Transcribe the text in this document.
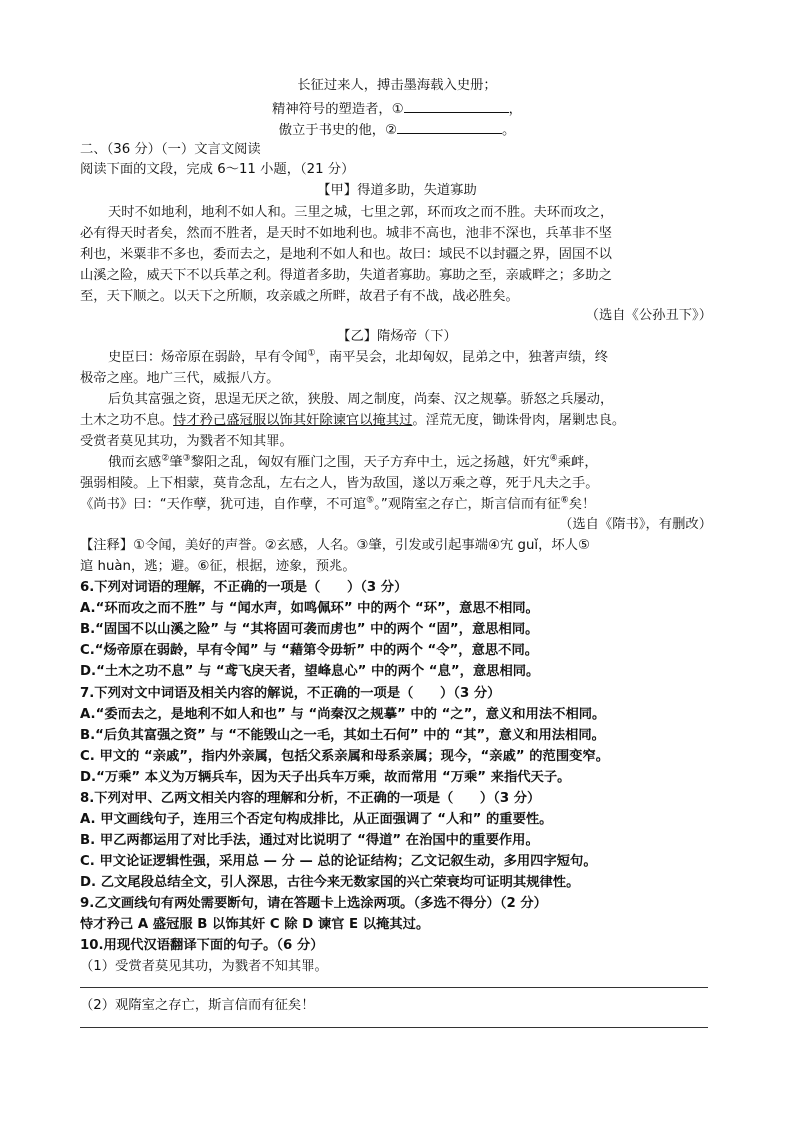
长征过来人，搏击墨海载入史册；
精神符号的塑造者，①	，
傲立于书史的他，②	。
二、（36 分）（一）文言文阅读
阅读下面的文段，完成 6～11 小题，（21 分）
【甲】得道多助，失道寡助
天时不如地利，地利不如人和。三里之城，七里之郭，环而攻之而不胜。夫环而攻之，
必有得天时者矣，然而不胜者，是天时不如地利也。城非不高也，池非不深也，兵革非不坚
利也，米粟非不多也，委而去之，是地利不如人和也。故曰：域民不以封疆之界，固国不以
山溪之险，威天下不以兵革之利。得道者多助，失道者寡助。寡助之至，亲戚畔之；多助之
至，天下顺之。以天下之所顺，攻亲戚之所畔，故君子有不战，战必胜矣。
（选自《公孙丑下》）
【乙】隋炀帝（下）
史臣曰：炀帝原在弱龄，早有令闻①，南平吴会，北却匈奴，昆弟之中，独著声绩，终
极帝之座。地广三代，威振八方。
后负其富强之资，思逞无厌之欲，狭殷、周之制度，尚秦、汉之规摹。骄怒之兵屡动，
土木之功不息。恃才矜己盛冠服以饰其奸除谏官以掩其过。淫荒无度，锄诛骨肉，屠剿忠良。
受赏者莫见其功，为戮者不知其罪。
俄而玄感②肇③黎阳之乱，匈奴有雁门之围，天子方弃中土，远之扬越，奸宄④乘衅，
强弱相陵。上下相蒙，莫肯念乱，左右之人，皆为敌国，遂以万乘之尊，死于凡夫之手。
《尚书》曰：“天作孽，犹可违，自作孽，不可逭⑤。”观隋室之存亡，斯言信而有征⑥矣！
（选自《隋书》，有删改）
【注释】①令闻，美好的声誉。②玄感，人名。③肇，引发或引起事端④宄 guǐ，坏人⑤
逭 huàn，逃；避。⑥征，根据，迹象，预兆。
6.下列对词语的理解，不正确的一项是（　　）（3 分）
A.“环而攻之而不胜” 与 “闻水声，如鸣佩环” 中的两个 “环”，意思不相同。
B.“固国不以山溪之险” 与 “其将固可袭而虏也” 中的两个 “固”，意思相同。
C.“炀帝原在弱龄，早有令闻” 与 “藉第令毋斩” 中的两个 “令”，意思不同。
D.“土木之功不息” 与 “鸢飞戾天者，望峰息心” 中的两个 “息”，意思相同。
7.下列对文中词语及相关内容的解说，不正确的一项是（　　）（3 分）
A.“委而去之，是地利不如人和也” 与 “尚秦汉之规摹” 中的 “之”，意义和用法不相同。
B.“后负其富强之资” 与 “不能毁山之一毛，其如土石何” 中的 “其”，意义和用法相同。
C. 甲文的 “亲戚”，指内外亲属，包括父系亲属和母系亲属；现今，“亲戚” 的范围变窄。
D.“万乘” 本义为万辆兵车，因为天子出兵车万乘，故而常用 “万乘” 来指代天子。
8.下列对甲、乙两文相关内容的理解和分析，不正确的一项是（　　）（3 分）
A. 甲文画线句子，连用三个否定句构成排比，从正面强调了 “人和” 的重要性。
B. 甲乙两都运用了对比手法，通过对比说明了 “得道” 在治国中的重要作用。
C. 甲文论证逻辑性强，采用总 — 分 — 总的论证结构；乙文记叙生动，多用四字短句。
D. 乙文尾段总结全文，引人深思，古往今来无数家国的兴亡荣衰均可证明其规律性。
9.乙文画线句有两处需要断句，请在答题卡上选涂两项。（多选不得分）（2 分）
恃才矜己 A 盛冠服 B 以饰其奸 C 除 D 谏官 E 以掩其过。
10.用现代汉语翻译下面的句子。（6 分）
（1）受赏者莫见其功，为戮者不知其罪。
（2）观隋室之存亡，斯言信而有征矣！
